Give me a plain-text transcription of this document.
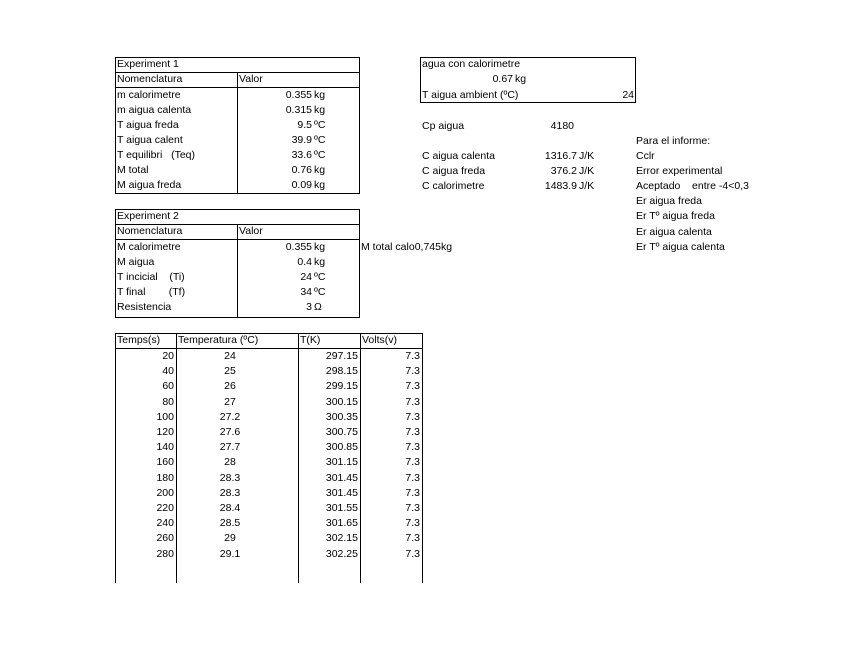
Experiment 1
Nomenclatura	Valor
m calorimetre	0.355 kg
m aigua calenta	0.315 kg
T aigua freda	9.5 ºC
T aigua calent	39.9 ºC
T equilibri   (Teq)	33.6 ºC
M total	0.76 kg
M aigua freda	0.09 kg
Experiment 2
Nomenclatura	Valor
M calorimetre	0.355 kg
M aigua	0.4 kg
T incicial    (Ti)	24 ºC
T final        (Tf)	34 ºC
Resistencia	3 Ω
M total calo0,745kg
agua con calorimetre
0.67 kg
T aigua ambient (ºC)	24
Cp aigua	4180
C aigua calenta	1316.7 J/K
C aigua freda	376.2 J/K
C calorimetre	1483.9 J/K
Para el informe:
Cclr
Error experimental
Aceptado    entre -4<0,3
Er aigua freda
Er Tº aigua freda
Er aigua calenta
Er Tº aigua calenta
Temps(s) Temperatura (ºC)	T(K)	Volts(v)
20	24	297.15	7.3
40	25	298.15	7.3
60	26	299.15	7.3
80	27	300.15	7.3
100	27.2	300.35	7.3
120	27.6	300.75	7.3
140	27.7	300.85	7.3
160	28	301.15	7.3
180	28.3	301.45	7.3
200	28.3	301.45	7.3
220	28.4	301.55	7.3
240	28.5	301.65	7.3
260	29	302.15	7.3
280	29.1	302.25	7.3
